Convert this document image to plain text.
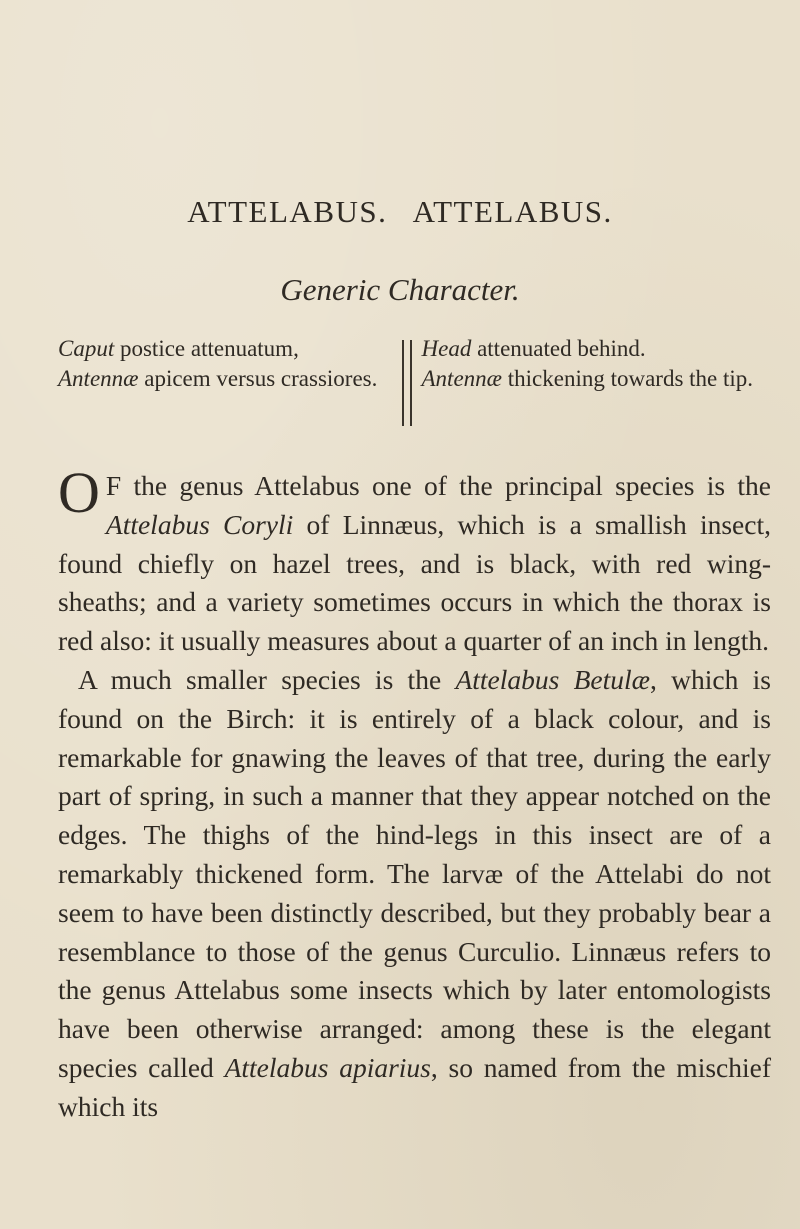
ATTELABUS. ATTELABUS.
Generic Character.

Caput postice attenuatum,

Antennæ apicem versus crassiores.

Head attenuated behind.

Antennæ thickening towards the tip.

O F the genus Attelabus one of the principal species is the Attelabus Coryli of Linnæus, which is a smallish insect, found chiefly on hazel trees, and is black, with red wing-sheaths; and a variety sometimes occurs in which the thorax is red also: it usually measures about a quarter of an inch in length.

A much smaller species is the Attelabus Betulæ, which is found on the Birch: it is entirely of a black colour, and is remarkable for gnawing the leaves of that tree, during the early part of spring, in such a manner that they appear notched on the edges. The thighs of the hind-legs in this insect are of a remarkably thickened form. The larvæ of the Attelabi do not seem to have been distinctly described, but they probably bear a resemblance to those of the genus Curculio. Linnæus refers to the genus Attelabus some insects which by later entomologists have been otherwise arranged: among these is the elegant species called Attelabus apiarius, so named from the mischief which its
